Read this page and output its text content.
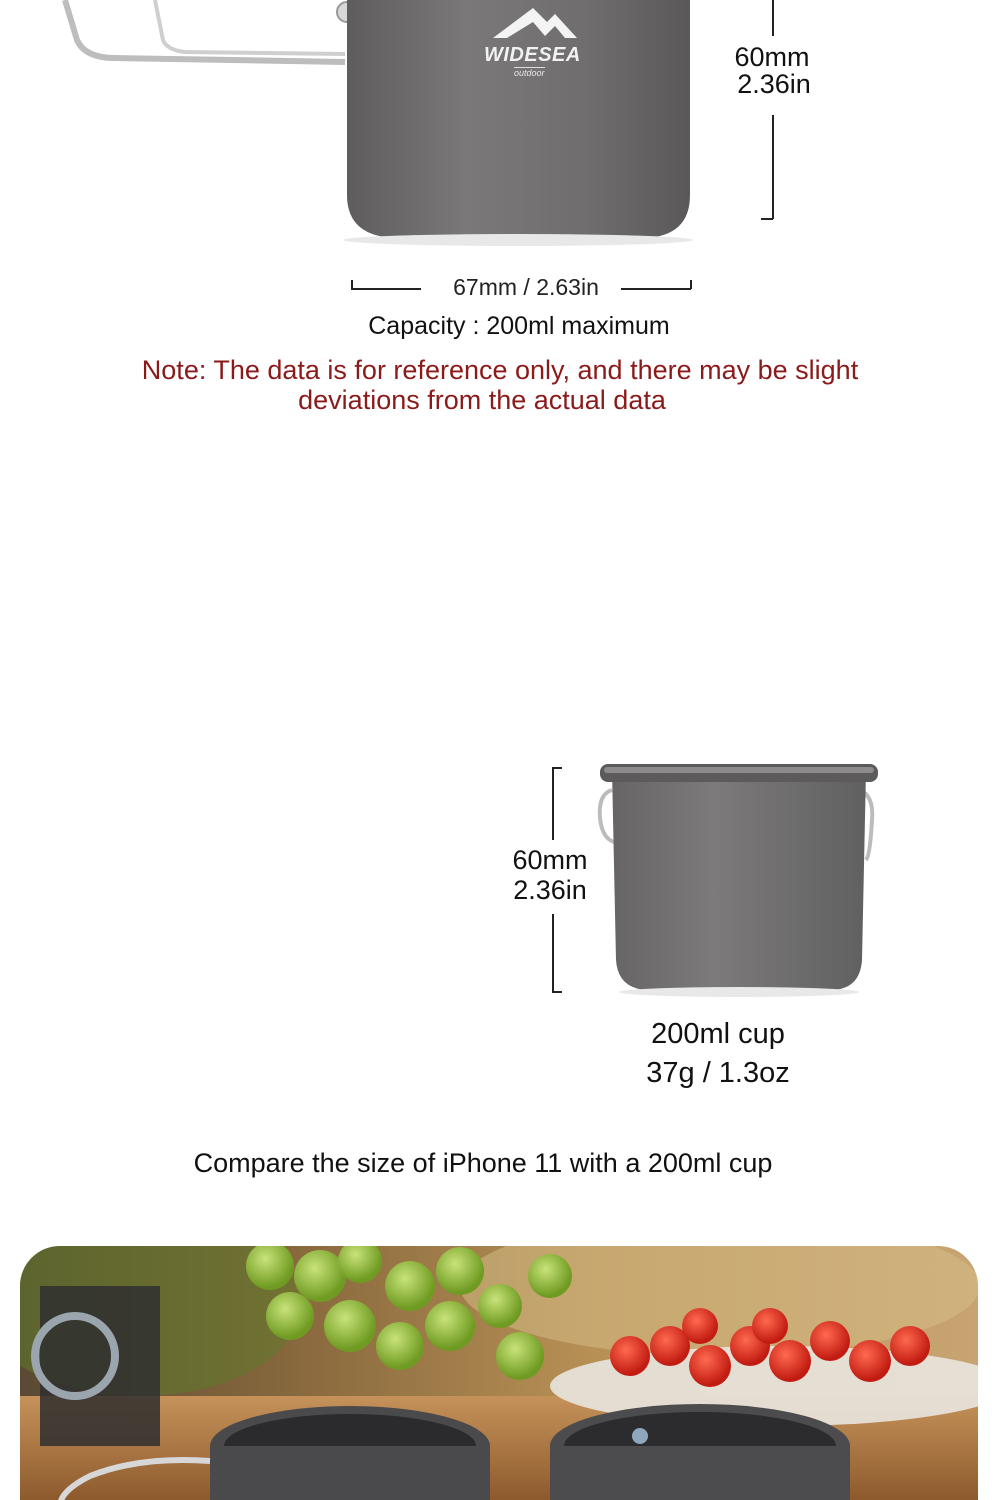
WIDESEA
outdoor
60mm
2.36in
67mm / 2.63in
Capacity : 200ml maximum
Note: The data is for reference only, and there may be slight
deviations from the actual data
60mm
2.36in
200ml cup
37g / 1.3oz
Compare the size of iPhone 11 with a 200ml cup
